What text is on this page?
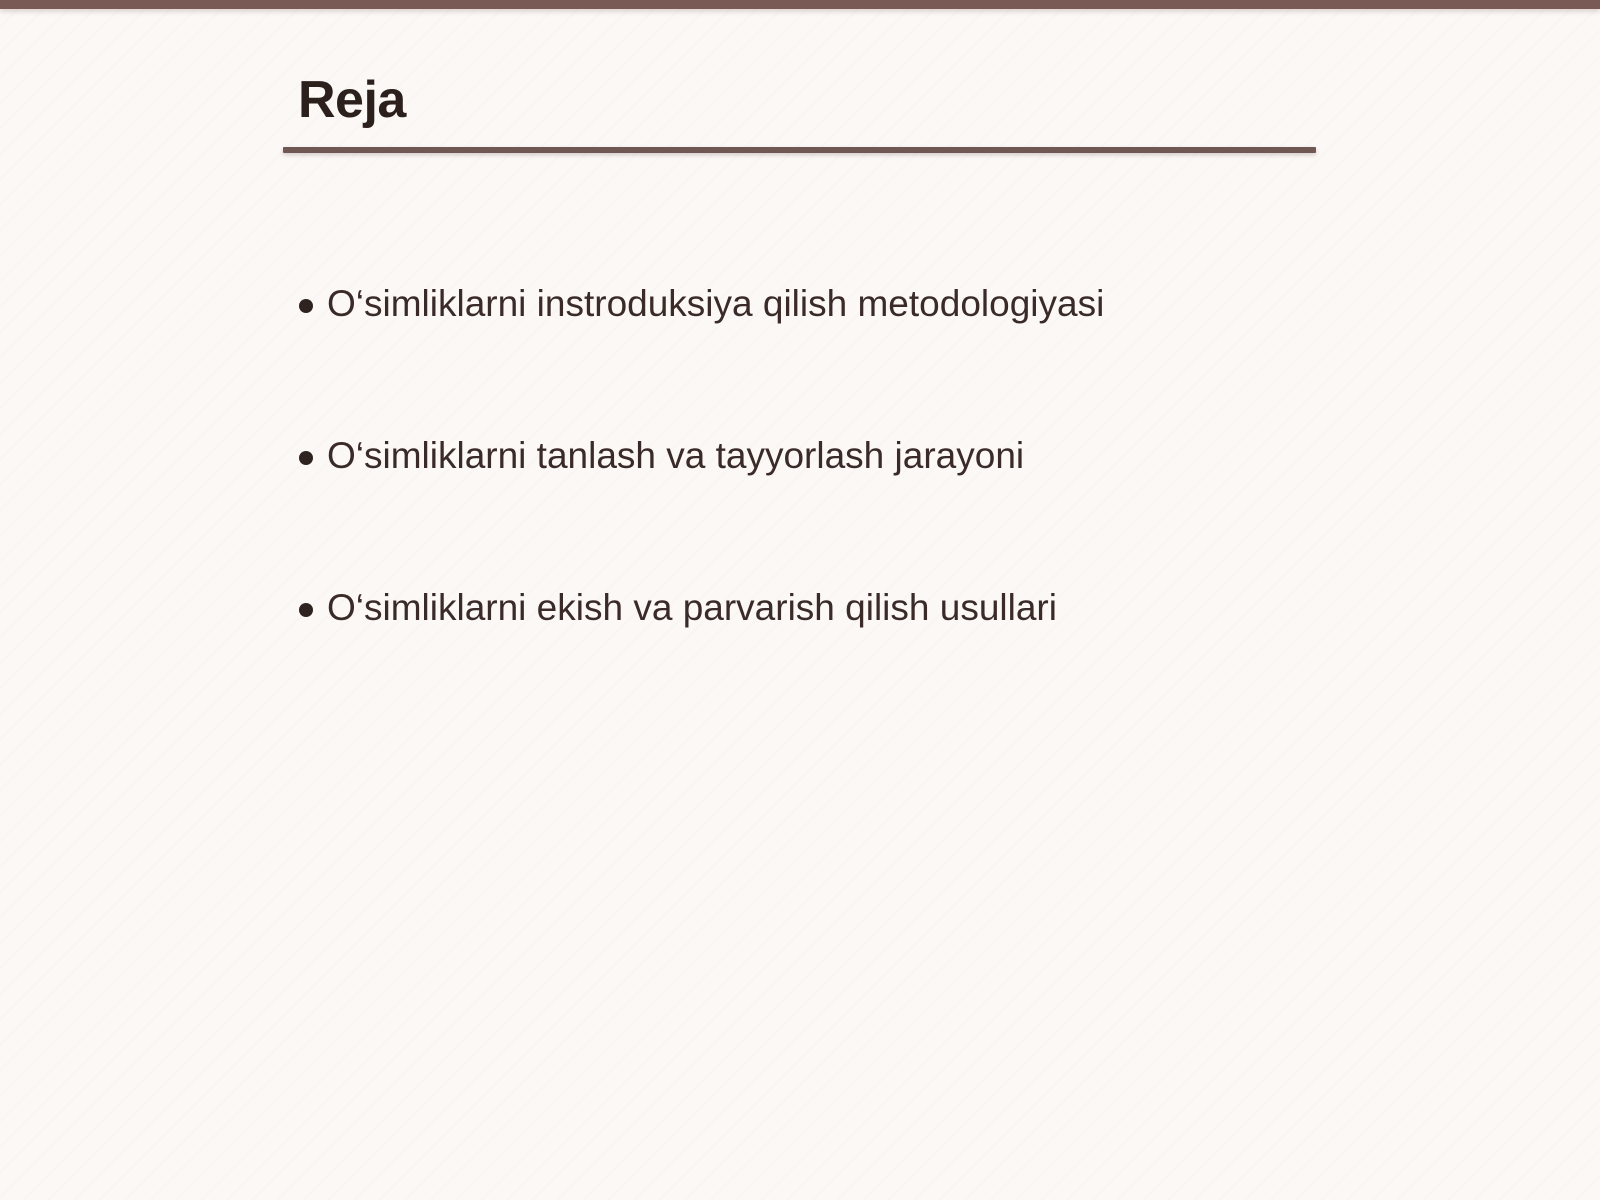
Reja
O‘simliklarni instroduksiya qilish metodologiyasi
O‘simliklarni tanlash va tayyorlash jarayoni
O‘simliklarni ekish va parvarish qilish usullari
